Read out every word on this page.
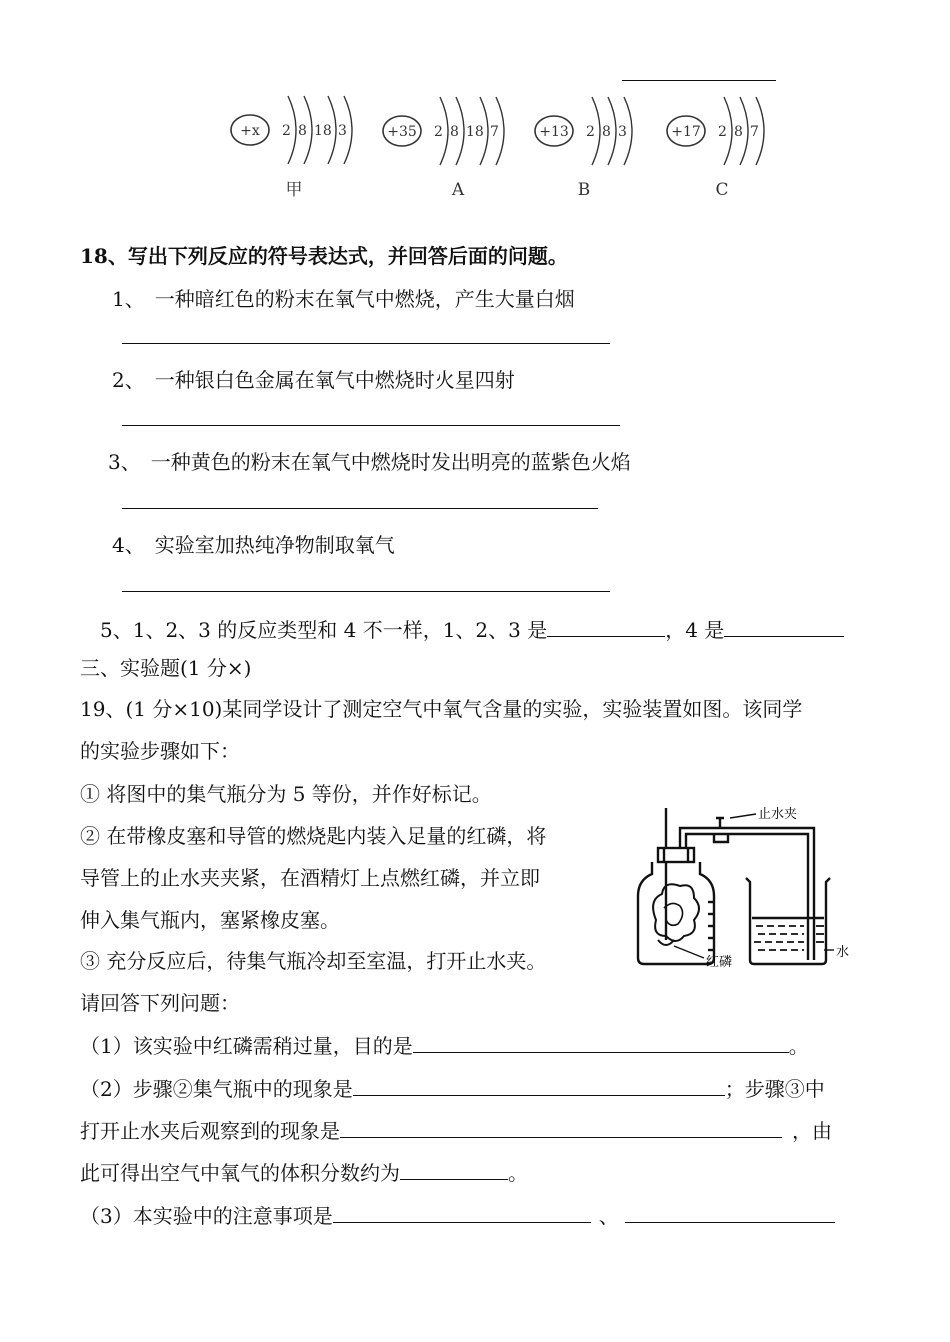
+x 2 8 18 3
甲
+35 2 8 18 7
A
+13 2 8 3
B
+17 2 8 7
C
18、写出下列反应的符号表达式，并回答后面的问题。
1、　一种暗红色的粉末在氧气中燃烧，产生大量白烟
2、　一种银白色金属在氧气中燃烧时火星四射
3、　一种黄色的粉末在氧气中燃烧时发出明亮的蓝紫色火焰
4、　实验室加热纯净物制取氧气
5、1、2、3 的反应类型和 4 不一样，1、2、3 是	，4 是
三、实验题(1 分×)
19、(1 分×10)某同学设计了测定空气中氧气含量的实验，实验装置如图。该同学
的实验步骤如下：
① 将图中的集气瓶分为 5 等份，并作好标记。
② 在带橡皮塞和导管的燃烧匙内装入足量的红磷，将
导管上的止水夹夹紧，在酒精灯上点燃红磷，并立即
伸入集气瓶内，塞紧橡皮塞。
③ 充分反应后，待集气瓶冷却至室温，打开止水夹。
请回答下列问题：
（1）该实验中红磷需稍过量，目的是	。
（2）步骤②集气瓶中的现象是	；步骤③中
打开止水夹后观察到的现象是	，由
此可得出空气中氧气的体积分数约为	。
（3）本实验中的注意事项是	、
止水夹
红磷
水
